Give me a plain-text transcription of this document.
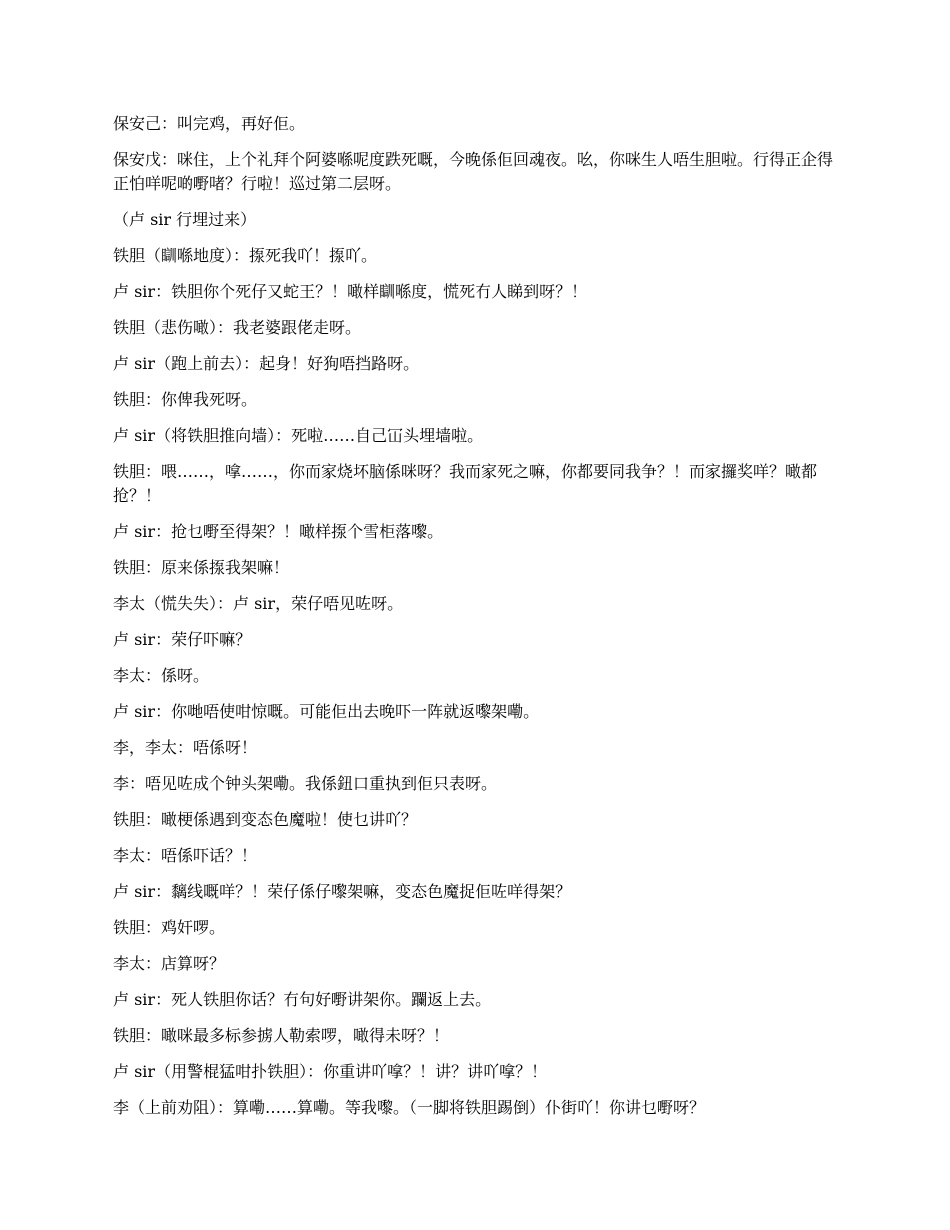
保安己：叫完鸡，再好佢。

保安戊：咪住，上个礼拜个阿婆喺呢度跌死嘅，今晚係佢回魂夜。吆，你咪生人唔生胆啦。行得正企得正怕咩呢啲嘢啫？行啦！巡过第二层呀。

（卢 sir 行埋过来）

铁胆（瞓喺地度）：揼死我吖！揼吖。

卢 sir：铁胆你个死仔又蛇王？！噉样瞓喺度，慌死冇人睇到呀？！

铁胆（悲伤噉）：我老婆跟佬走呀。

卢 sir（跑上前去）：起身！好狗唔挡路呀。

铁胆：你俾我死呀。

卢 sir（将铁胆推向墙）：死啦……自己冚头埋墙啦。

铁胆：喂……，嗱……，你而家烧坏脑係咪呀？我而家死之嘛，你都要同我争？！而家攞奖咩？噉都抢？！

卢 sir：抢乜嘢至得架？！噉样揼个雪柜落嚟。

铁胆：原来係揼我架嘛！

李太（慌失失）：卢 sir，荣仔唔见咗呀。

卢 sir：荣仔吓嘛？

李太：係呀。

卢 sir：你哋唔使咁惊嘅。可能佢出去晚吓一阵就返嚟架嘞。

李，李太：唔係呀！

李：唔见咗成个钟头架嘞。我係鈕口重执到佢只表呀。

铁胆：噉梗係遇到变态色魔啦！使乜讲吖？

李太：唔係吓话？！

卢 sir：黐线嘅咩？！荣仔係仔嚟架嘛，变态色魔捉佢咗咩得架？

铁胆：鸡奸啰。

李太：店算呀？

卢 sir：死人铁胆你话？冇句好嘢讲架你。躝返上去。

铁胆：噉咪最多标参掳人勒索啰，噉得未呀？！

卢 sir（用警棍猛咁扑铁胆）：你重讲吖嗱？！讲？讲吖嗱？！

李（上前劝阻）：算嘞……算嘞。等我嚟。（一脚将铁胆踢倒）仆街吖！你讲乜嘢呀？
